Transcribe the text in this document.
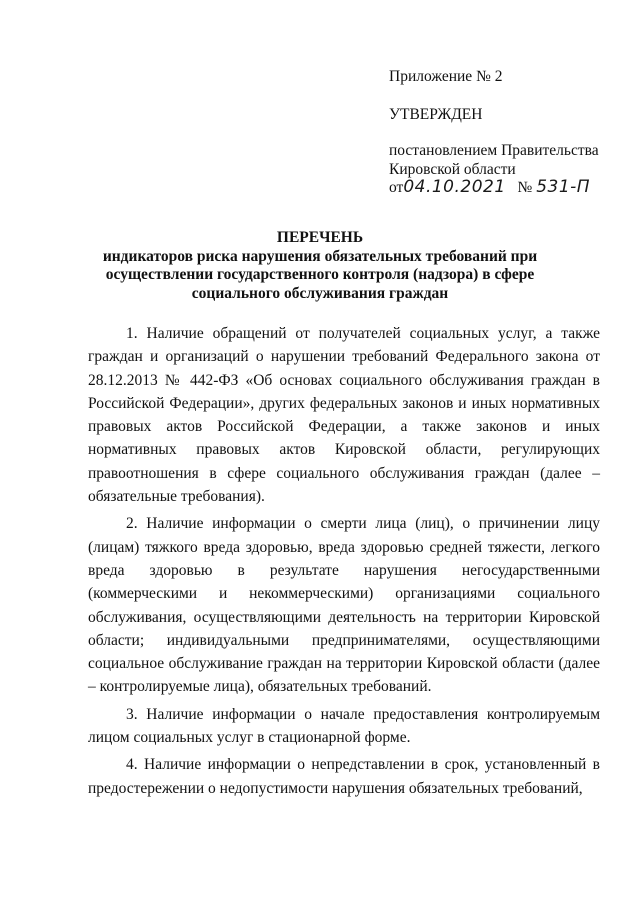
Приложение № 2
УТВЕРЖДЕН
постановлением Правительства
Кировской области
от04.10.2021 № 531-П
ПЕРЕЧЕНЬ
индикаторов риска нарушения обязательных требований при осуществлении государственного контроля (надзора) в сфере социального обслуживания граждан

1. Наличие обращений от получателей социальных услуг, а также граждан и организаций о нарушении требований Федерального закона от 28.12.2013 № 442-ФЗ «Об основах социального обслуживания граждан в Российской Федерации», других федеральных законов и иных нормативных правовых актов Российской Федерации, а также законов и иных нормативных правовых актов Кировской области, регулирующих правоотношения в сфере социального обслуживания граждан (далее – обязательные требования).

2. Наличие информации о смерти лица (лиц), о причинении лицу (лицам) тяжкого вреда здоровью, вреда здоровью средней тяжести, легкого вреда здоровью в результате нарушения негосударственными (коммерческими и некоммерческими) организациями социального обслуживания, осуществляющими деятельность на территории Кировской области; индивидуальными предпринимателями, осуществляющими социальное обслуживание граждан на территории Кировской области (далее – контролируемые лица), обязательных требований.

3. Наличие информации о начале предоставления контролируемым лицом социальных услуг в стационарной форме.

4. Наличие информации о непредставлении в срок, установленный в предостережении о недопустимости нарушения обязательных требований,
